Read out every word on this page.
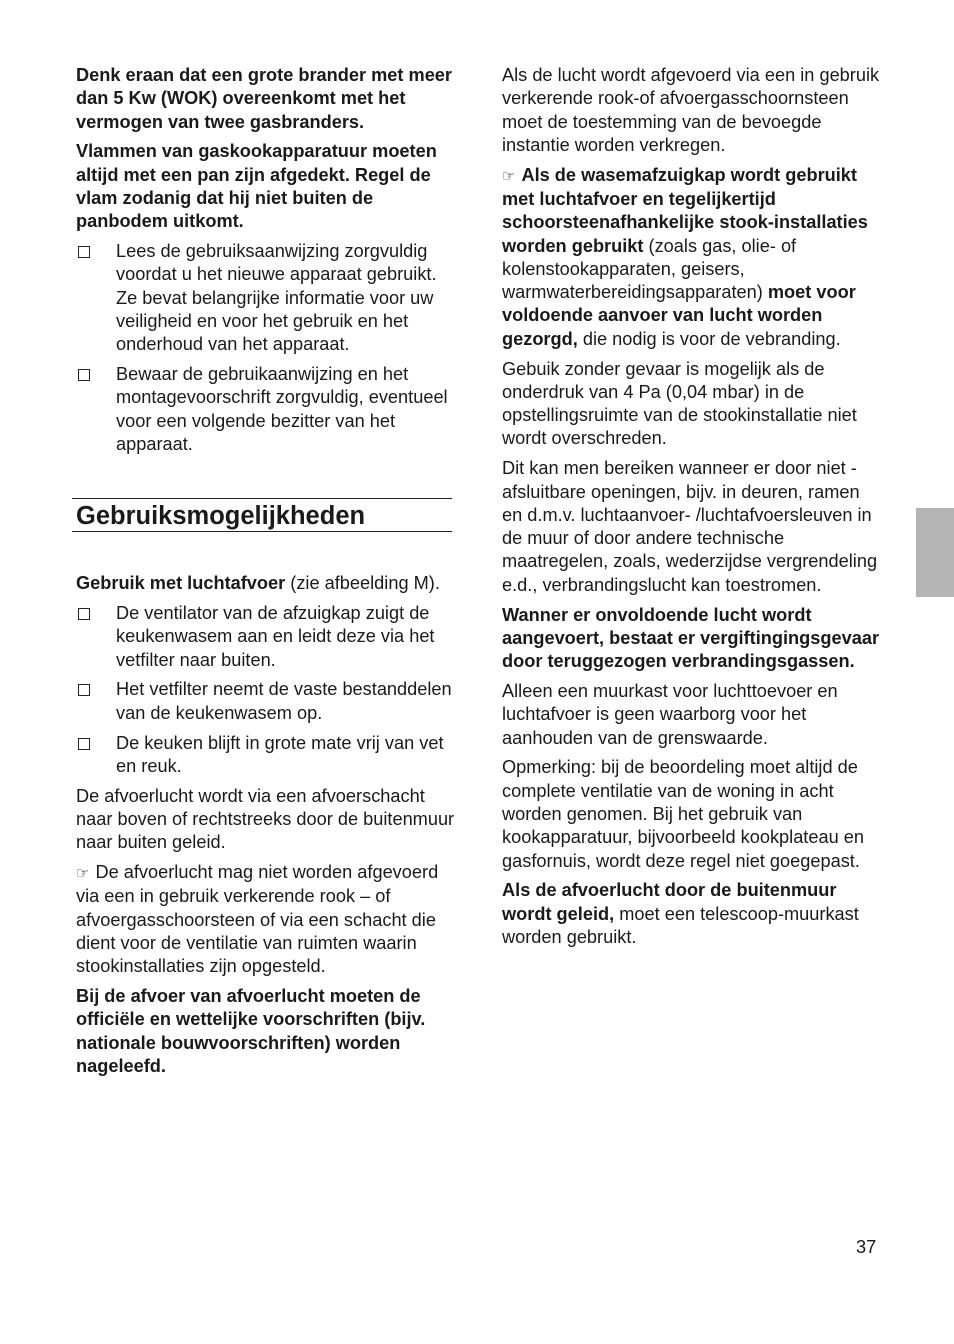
Denk eraan dat een grote brander met meer dan 5 Kw (WOK) overeenkomt met het vermogen van twee gasbranders.

Vlammen van gaskookapparatuur moeten altijd met een pan zijn afgedekt. Regel de vlam zodanig dat hij niet buiten de panbodem uitkomt.

Lees de gebruiksaanwijzing zorgvuldig voordat u het nieuwe apparaat gebruikt. Ze bevat belangrijke informatie voor uw veiligheid en voor het gebruik en het onderhoud van het apparaat.
Bewaar de gebruikaanwijzing en het montagevoorschrift zorgvuldig, eventueel voor een volgende bezitter van het apparaat.
Gebruiksmogelijkheden

Gebruik met luchtafvoer (zie afbeelding M).

De ventilator van de afzuigkap zuigt de keukenwasem aan en leidt deze via het vetfilter naar buiten.
Het vetfilter neemt de vaste bestanddelen van de keukenwasem op.
De keuken blijft in grote mate vrij van vet en reuk.

De afvoerlucht wordt via een afvoerschacht naar boven of rechtstreeks door de buitenmuur naar buiten geleid.

☞ De afvoerlucht mag niet worden afgevoerd via een in gebruik verkerende rook – of afvoergasschoorsteen of via een schacht die dient voor de ventilatie van ruimten waarin stookinstallaties zijn opgesteld.

Bij de afvoer van afvoerlucht moeten de officiële en wettelijke voorschriften (bijv. nationale bouwvoorschriften) worden nageleefd.

Als de lucht wordt afgevoerd via een in gebruik verkerende rook-of afvoergasschoornsteen moet de toestemming van de bevoegde instantie worden verkregen.

☞ Als de wasemafzuigkap wordt gebruikt met luchtafvoer en tegelijkertijd schoorsteenafhankelijke stook-installaties worden gebruikt (zoals gas, olie- of kolenstookapparaten, geisers, warmwaterbereidingsapparaten) moet voor voldoende aanvoer van lucht worden gezorgd, die nodig is voor de vebranding.

Gebuik zonder gevaar is mogelijk als de onderdruk van 4 Pa (0,04 mbar) in de opstellingsruimte van de stookinstallatie niet wordt overschreden.

Dit kan men bereiken wanneer er door niet -afsluitbare openingen, bijv. in deuren, ramen en d.m.v. luchtaanvoer- /luchtafvoersleuven in de muur of door andere technische maatregelen, zoals, wederzijdse vergrendeling e.d., verbrandingslucht kan toestromen.

Wanner er onvoldoende lucht wordt aangevoert, bestaat er vergiftingingsgevaar door teruggezogen verbrandingsgassen.

Alleen een muurkast voor luchttoevoer en luchtafvoer is geen waarborg voor het aanhouden van de grenswaarde.

Opmerking: bij de beoordeling moet altijd de complete ventilatie van de woning in acht worden genomen. Bij het gebruik van kookapparatuur, bijvoorbeeld kookplateau en gasfornuis, wordt deze regel niet goegepast.

Als de afvoerlucht door de buitenmuur wordt geleid, moet een telescoop-muurkast worden gebruikt.

37
